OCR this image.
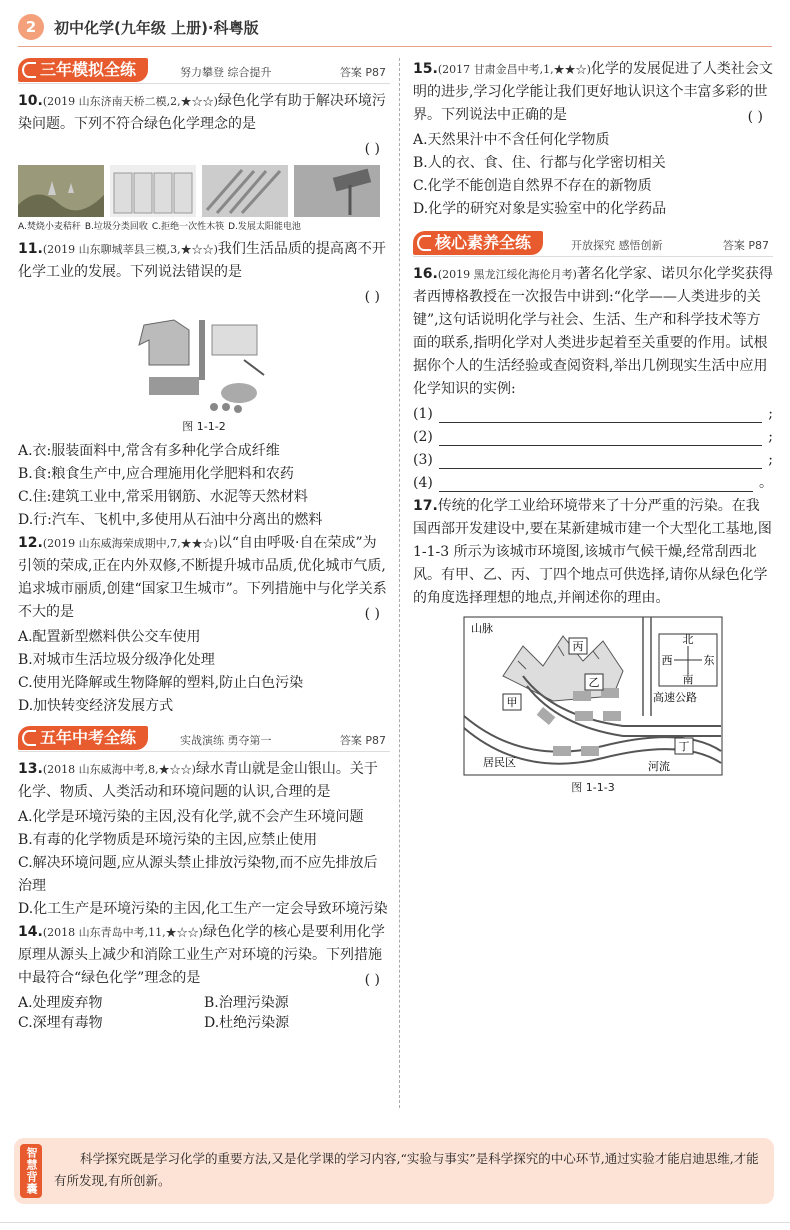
2	初中化学(九年级 上册)·科粤版
三年模拟全练	努力攀登 综合提升	答案 P87
10.(2019 山东济南天桥二模,2,★☆☆)绿色化学有助于解决环境污染问题。下列不符合绿色化学理念的是
( )
A.焚烧小麦秸秆 B.垃圾分类回收 C.拒绝一次性木筷 D.发展太阳能电池
11.(2019 山东聊城莘县三模,3,★☆☆)我们生活品质的提高离不开化学工业的发展。下列说法错误的是
( )
图 1-1-2
A.衣:服装面料中,常含有多种化学合成纤维
B.食:粮食生产中,应合理施用化学肥料和农药
C.住:建筑工业中,常采用钢筋、水泥等天然材料
D.行:汽车、飞机中,多使用从石油中分离出的燃料
12.(2019 山东威海荣成期中,7,★★☆)以“自由呼吸·自在荣成”为引领的荣成,正在内外双修,不断提升城市品质,优化城市气质,追求城市丽质,创建“国家卫生城市”。下列措施中与化学关系不大的是	( )
A.配置新型燃料供公交车使用
B.对城市生活垃圾分级净化处理
C.使用光降解或生物降解的塑料,防止白色污染
D.加快转变经济发展方式
五年中考全练	实战演练 勇夺第一	答案 P87
13.(2018 山东威海中考,8,★☆☆)绿水青山就是金山银山。关于化学、物质、人类活动和环境问题的认识,合理的是
A.化学是环境污染的主因,没有化学,就不会产生环境问题
B.有毒的化学物质是环境污染的主因,应禁止使用
C.解决环境问题,应从源头禁止排放污染物,而不应先排放后治理
D.化工生产是环境污染的主因,化工生产一定会导致环境污染
14.(2018 山东青岛中考,11,★☆☆)绿色化学的核心是要利用化学原理从源头上减少和消除工业生产对环境的污染。下列措施中最符合“绿色化学”理念的是	( )
A.处理废弃物	B.治理污染源
C.深埋有毒物	D.杜绝污染源
15.(2017 甘肃金昌中考,1,★★☆)化学的发展促进了人类社会文明的进步,学习化学能让我们更好地认识这个丰富多彩的世界。下列说法中正确的是	( )
A.天然果汁中不含任何化学物质
B.人的衣、食、住、行都与化学密切相关
C.化学不能创造自然界不存在的新物质
D.化学的研究对象是实验室中的化学药品
核心素养全练	开放探究 感悟创新	答案 P87
16.(2019 黑龙江绥化海伦月考)著名化学家、诺贝尔化学奖获得者西博格教授在一次报告中讲到:“化学——人类进步的关键”,这句话说明化学与社会、生活、生产和科学技术等方面的联系,指明化学对人类进步起着至关重要的作用。试根据你个人的生活经验或查阅资料,举出几例现实生活中应用化学知识的实例:
(1)	;
(2)	;
(3)	;
(4)	。
17.传统的化学工业给环境带来了十分严重的污染。在我国西部开发建设中,要在某新建城市建一个大型化工基地,图 1-1-3 所示为该城市环境图,该城市气候干燥,经常刮西北风。有甲、乙、丙、丁四个地点可供选择,请你从绿色化学的角度选择理想的地点,并阐述你的理由。
北
南
西	东
山脉
丙
乙
甲
丁
高速公路
居民区	河流
图 1-1-3
智慧背囊	科学探究既是学习化学的重要方法,又是化学课的学习内容,“实验与事实”是科学探究的中心环节,通过实验才能启迪思维,才能有所发现,有所创新。
